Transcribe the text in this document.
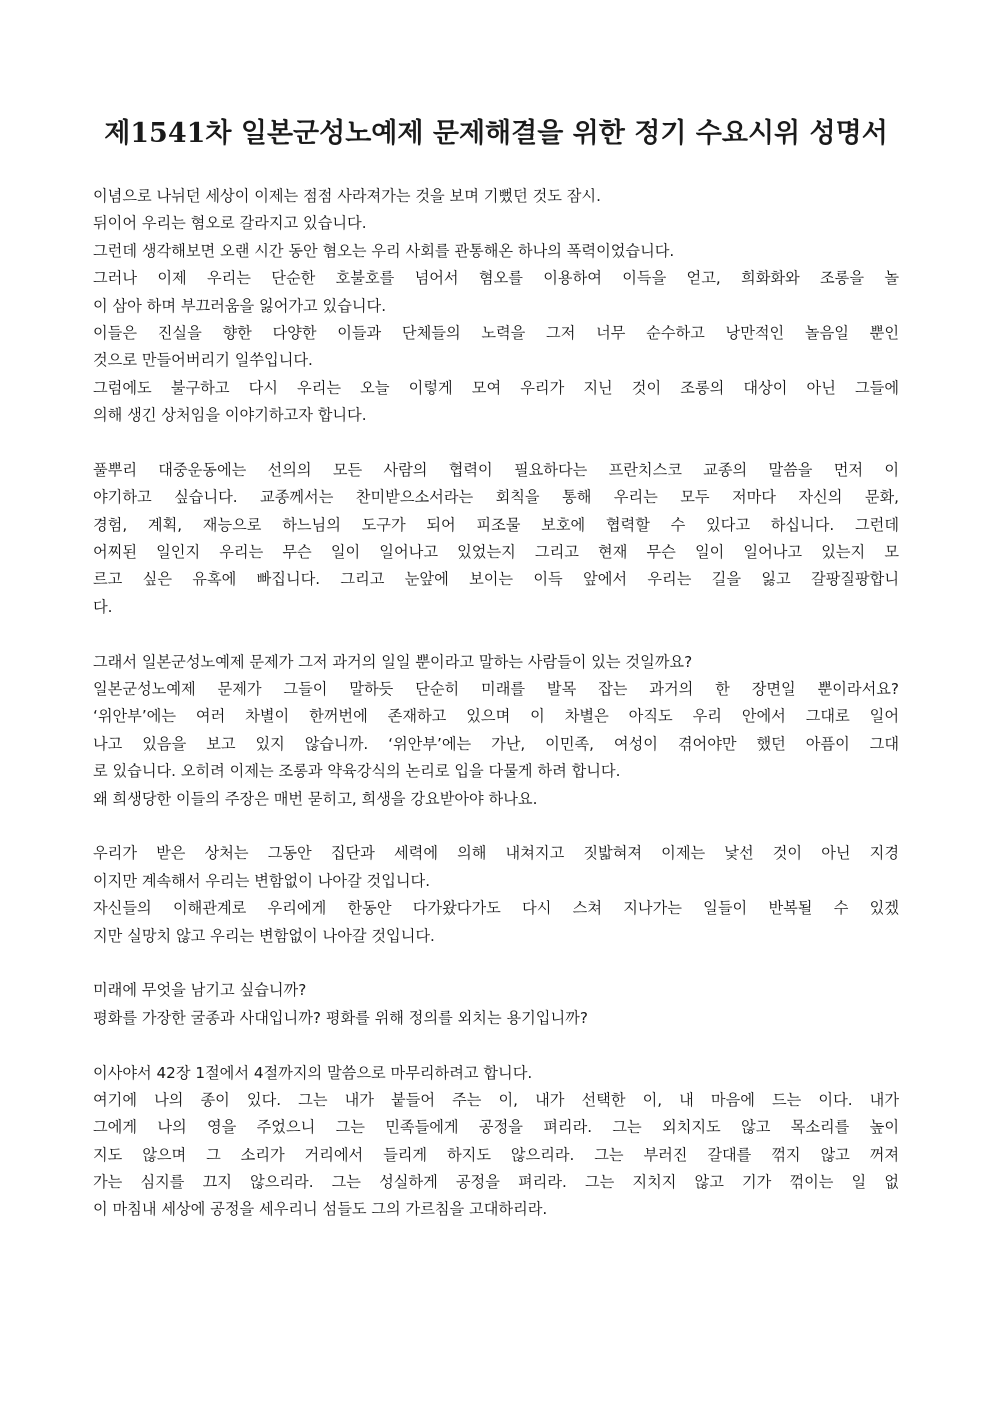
제1541차 일본군성노예제 문제해결을 위한 정기 수요시위 성명서
이념으로 나뉘던 세상이 이제는 점점 사라져가는 것을 보며 기뻤던 것도 잠시.
뒤이어 우리는 혐오로 갈라지고 있습니다.
그런데 생각해보면 오랜 시간 동안 혐오는 우리 사회를 관통해온 하나의 폭력이었습니다.
그러나 이제 우리는 단순한 호불호를 넘어서 혐오를 이용하여 이득을 얻고, 희화화와 조롱을 놀
이 삼아 하며 부끄러움을 잃어가고 있습니다.
이들은 진실을 향한 다양한 이들과 단체들의 노력을 그저 너무 순수하고 낭만적인 놀음일 뿐인
것으로 만들어버리기 일쑤입니다.
그럼에도 불구하고 다시 우리는 오늘 이렇게 모여 우리가 지닌 것이 조롱의 대상이 아닌 그들에
의해 생긴 상처임을 이야기하고자 합니다.
풀뿌리 대중운동에는 선의의 모든 사람의 협력이 필요하다는 프란치스코 교종의 말씀을 먼저 이
야기하고 싶습니다. 교종께서는 찬미받으소서라는 회칙을 통해 우리는 모두 저마다 자신의 문화,
경험, 계획, 재능으로 하느님의 도구가 되어 피조물 보호에 협력할 수 있다고 하십니다. 그런데
어찌된 일인지 우리는 무슨 일이 일어나고 있었는지 그리고 현재 무슨 일이 일어나고 있는지 모
르고 싶은 유혹에 빠집니다. 그리고 눈앞에 보이는 이득 앞에서 우리는 길을 잃고 갈팡질팡합니
다.
그래서 일본군성노예제 문제가 그저 과거의 일일 뿐이라고 말하는 사람들이 있는 것일까요?
일본군성노예제 문제가 그들이 말하듯 단순히 미래를 발목 잡는 과거의 한 장면일 뿐이라서요?
‘위안부’에는 여러 차별이 한꺼번에 존재하고 있으며 이 차별은 아직도 우리 안에서 그대로 일어
나고 있음을 보고 있지 않습니까. ‘위안부’에는 가난, 이민족, 여성이 겪어야만 했던 아픔이 그대
로 있습니다. 오히려 이제는 조롱과 약육강식의 논리로 입을 다물게 하려 합니다.
왜 희생당한 이들의 주장은 매번 묻히고, 희생을 강요받아야 하나요.
우리가 받은 상처는 그동안 집단과 세력에 의해 내쳐지고 짓밟혀져 이제는 낯선 것이 아닌 지경
이지만 계속해서 우리는 변함없이 나아갈 것입니다.
자신들의 이해관계로 우리에게 한동안 다가왔다가도 다시 스쳐 지나가는 일들이 반복될 수 있겠
지만 실망치 않고 우리는 변함없이 나아갈 것입니다.
미래에 무엇을 남기고 싶습니까?
평화를 가장한 굴종과 사대입니까? 평화를 위해 정의를 외치는 용기입니까?
이사야서 42장 1절에서 4절까지의 말씀으로 마무리하려고 합니다.
여기에 나의 종이 있다. 그는 내가 붙들어 주는 이, 내가 선택한 이, 내 마음에 드는 이다. 내가
그에게 나의 영을 주었으니 그는 민족들에게 공정을 펴리라. 그는 외치지도 않고 목소리를 높이
지도 않으며 그 소리가 거리에서 들리게 하지도 않으리라. 그는 부러진 갈대를 꺾지 않고 꺼져
가는 심지를 끄지 않으리라. 그는 성실하게 공정을 펴리라. 그는 지치지 않고 기가 꺾이는 일 없
이 마침내 세상에 공정을 세우리니 섬들도 그의 가르침을 고대하리라.
